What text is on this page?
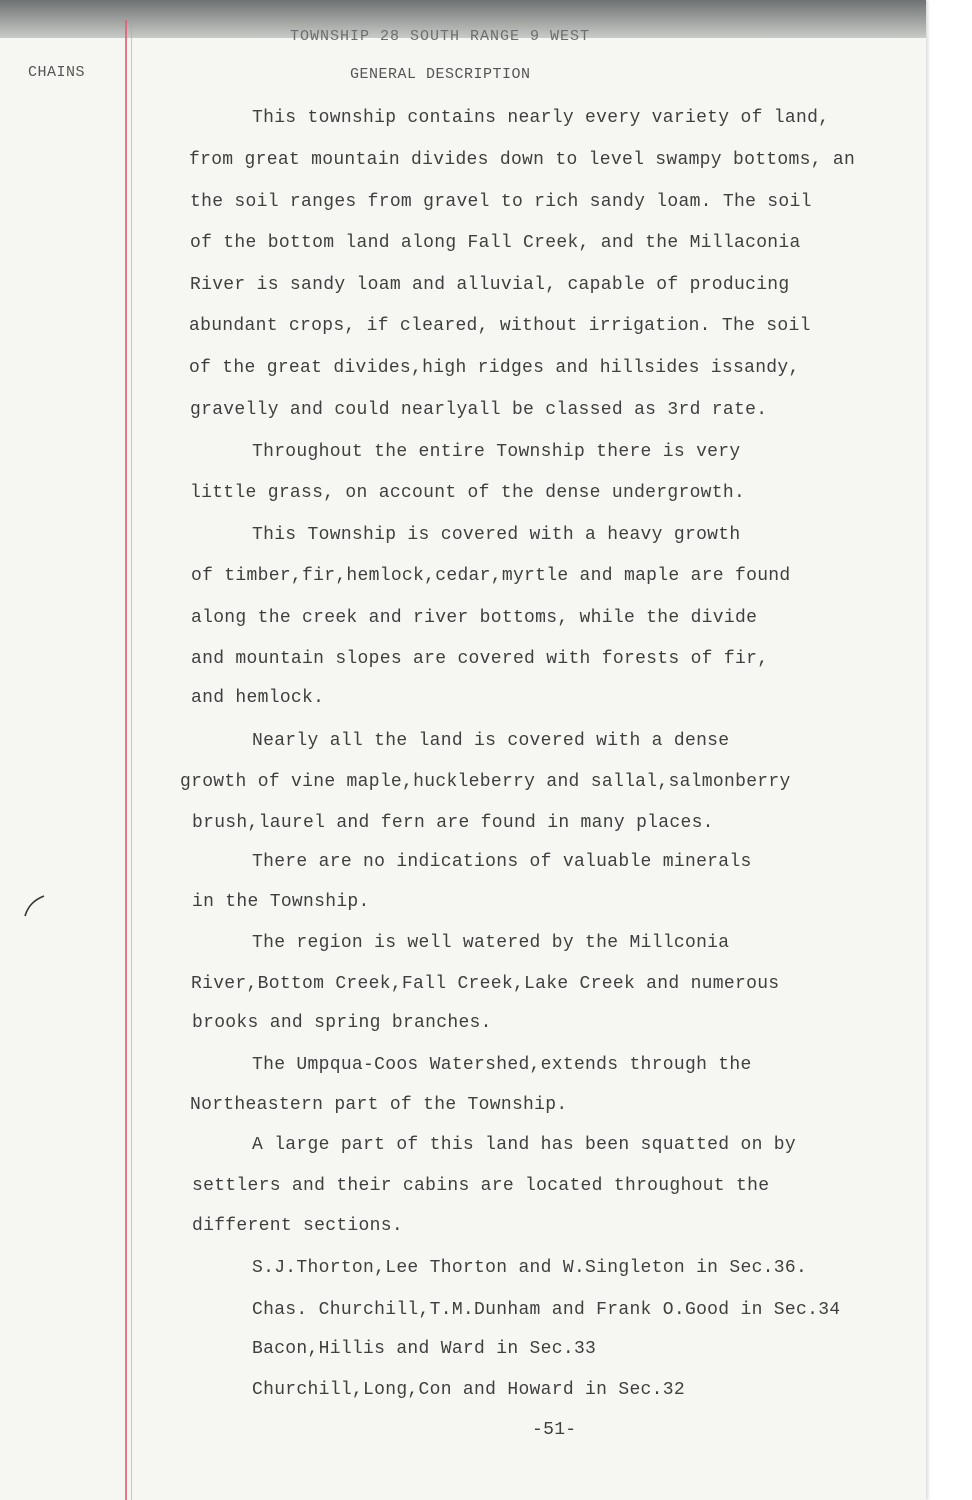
TOWNSHIP 28 SOUTH RANGE 9 WEST
CHAINS	GENERAL DESCRIPTION
This township contains nearly every variety of land,
from great mountain divides down to level swampy bottoms, an
the soil ranges from gravel to rich sandy loam. The soil
of the bottom land along Fall Creek, and the Millaconia
River is sandy loam and alluvial, capable of producing
abundant crops, if cleared, without irrigation. The soil
of the great divides,high ridges and hillsides issandy,
gravelly and could nearlyall be classed as 3rd rate.
Throughout the entire Township there is very
little grass, on account of the dense undergrowth.
This Township is covered with a heavy growth
of timber,fir,hemlock,cedar,myrtle and maple are found
along the creek and river bottoms, while the divide
and mountain slopes are covered with forests of fir,
and hemlock.
Nearly all the land is covered with a dense
growth of vine maple,huckleberry and sallal,salmonberry
brush,laurel and fern are found in many places.
There are no indications of valuable minerals
in the Township.
The region is well watered by the Millconia
River,Bottom Creek,Fall Creek,Lake Creek and numerous
brooks and spring branches.
The Umpqua-Coos Watershed,extends through the
Northeastern part of the Township.
A large part of this land has been squatted on by
settlers and their cabins are located throughout the
different sections.
S.J.Thorton,Lee Thorton and W.Singleton in Sec.36.
Chas. Churchill,T.M.Dunham and Frank O.Good in Sec.34
Bacon,Hillis and Ward in Sec.33
Churchill,Long,Con and Howard in Sec.32
-51-
